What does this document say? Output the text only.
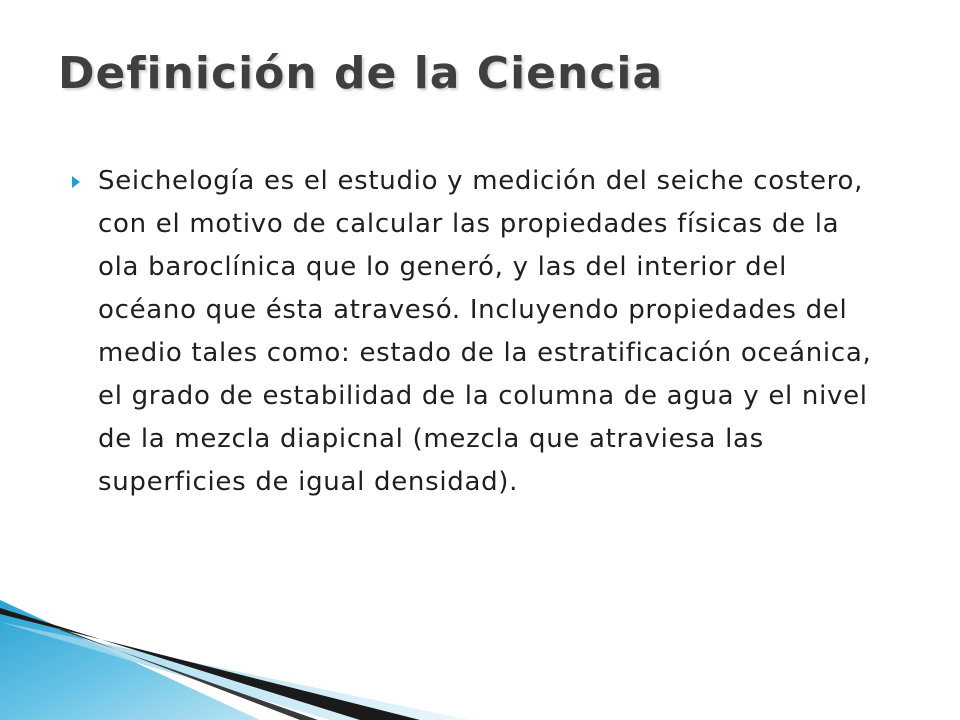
Definición de la Ciencia
Seichelogía es el estudio y medición del seiche costero, con el motivo de calcular las propiedades físicas de la ola baroclínica que lo generó, y las del interior del océano que ésta atravesó. Incluyendo propiedades del medio tales como: estado de la estratificación oceánica, el grado de estabilidad de la columna de agua y el nivel de la mezcla diapicnal (mezcla que atraviesa las superficies de igual densidad).
